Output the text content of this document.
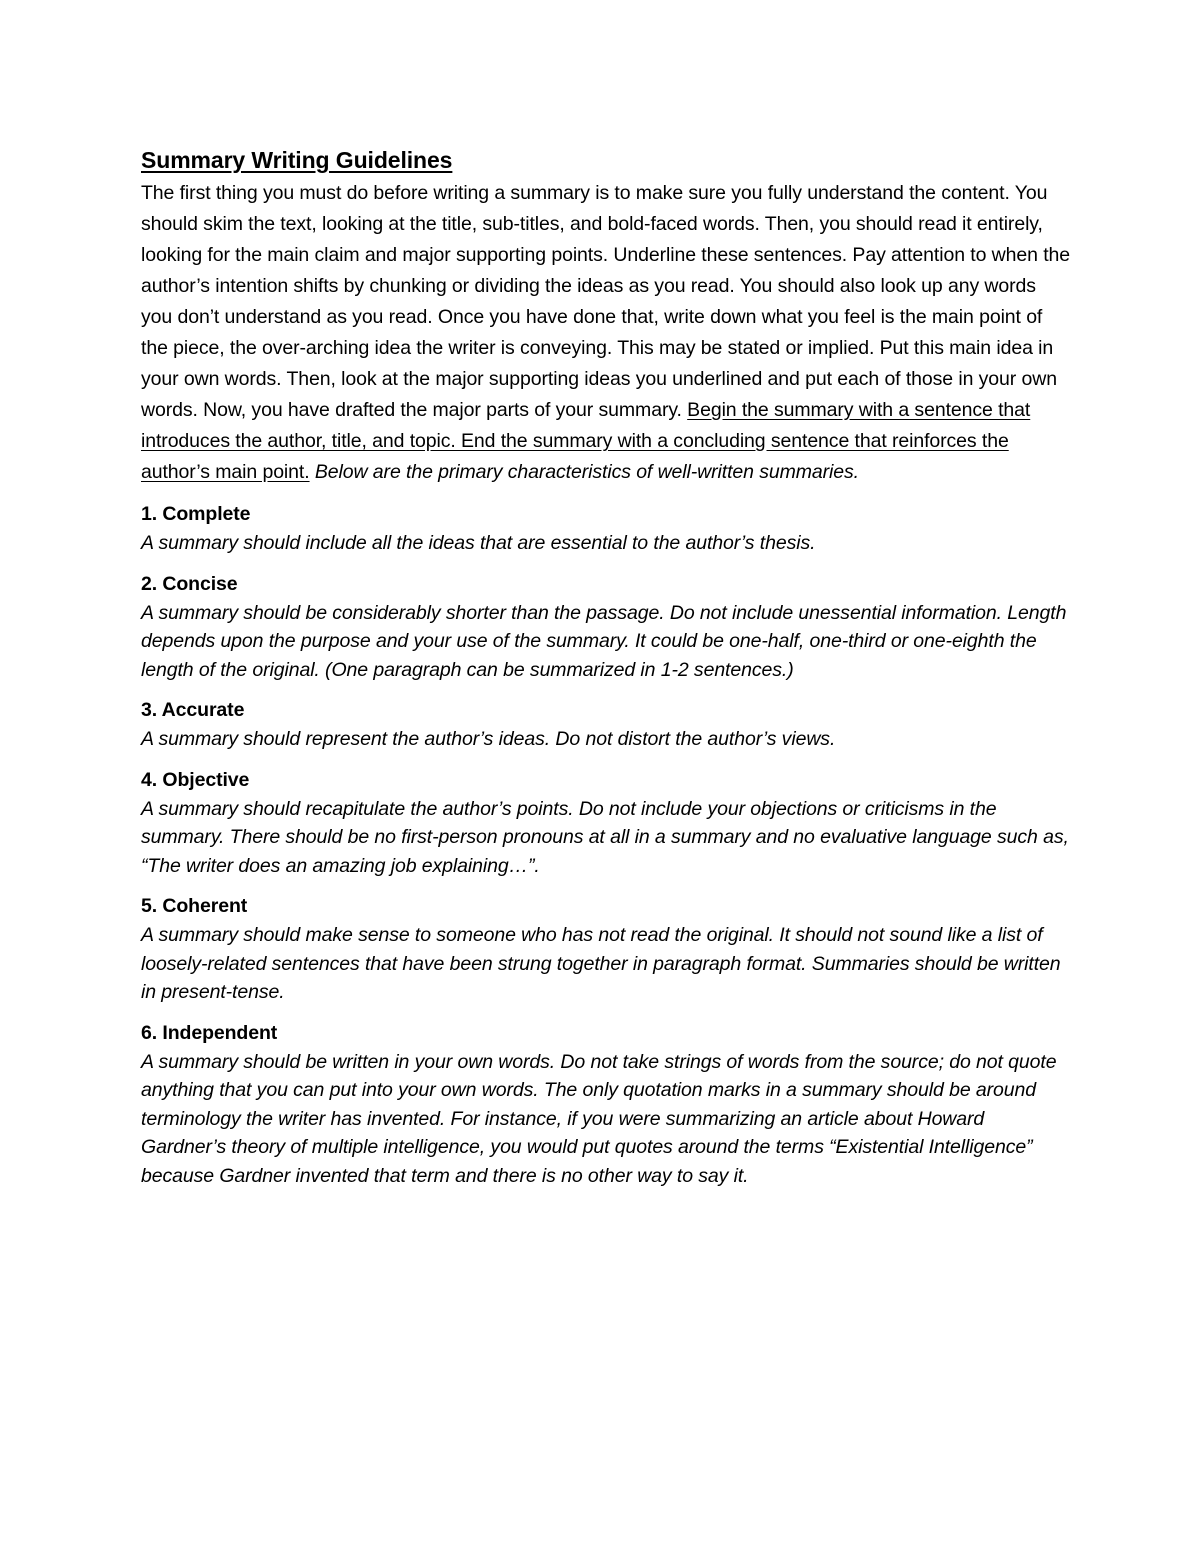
Summary Writing Guidelines

The first thing you must do before writing a summary is to make sure you fully understand the content. You should skim the text, looking at the title, sub-titles, and bold-faced words. Then, you should read it entirely, looking for the main claim and major supporting points. Underline these sentences. Pay attention to when the author’s intention shifts by chunking or dividing the ideas as you read. You should also look up any words you don’t understand as you read. Once you have done that, write down what you feel is the main point of the piece, the over-arching idea the writer is conveying. This may be stated or implied. Put this main idea in your own words. Then, look at the major supporting ideas you underlined and put each of those in your own words. Now, you have drafted the major parts of your summary. Begin the summary with a sentence that introduces the author, title, and topic. End the summary with a concluding sentence that reinforces the author’s main point. Below are the primary characteristics of well-written summaries.

1. Complete
A summary should include all the ideas that are essential to the author’s thesis.
2. Concise
A summary should be considerably shorter than the passage. Do not include unessential information. Length depends upon the purpose and your use of the summary. It could be one-half, one-third or one-eighth the length of the original. (One paragraph can be summarized in 1-2 sentences.)
3. Accurate
A summary should represent the author’s ideas. Do not distort the author’s views.
4. Objective
A summary should recapitulate the author’s points. Do not include your objections or criticisms in the summary. There should be no first-person pronouns at all in a summary and no evaluative language such as, “The writer does an amazing job explaining…”.
5. Coherent
A summary should make sense to someone who has not read the original. It should not sound like a list of loosely-related sentences that have been strung together in paragraph format. Summaries should be written in present-tense.
6. Independent
A summary should be written in your own words. Do not take strings of words from the source; do not quote anything that you can put into your own words. The only quotation marks in a summary should be around terminology the writer has invented. For instance, if you were summarizing an article about Howard Gardner’s theory of multiple intelligence, you would put quotes around the terms “Existential Intelligence” because Gardner invented that term and there is no other way to say it.
